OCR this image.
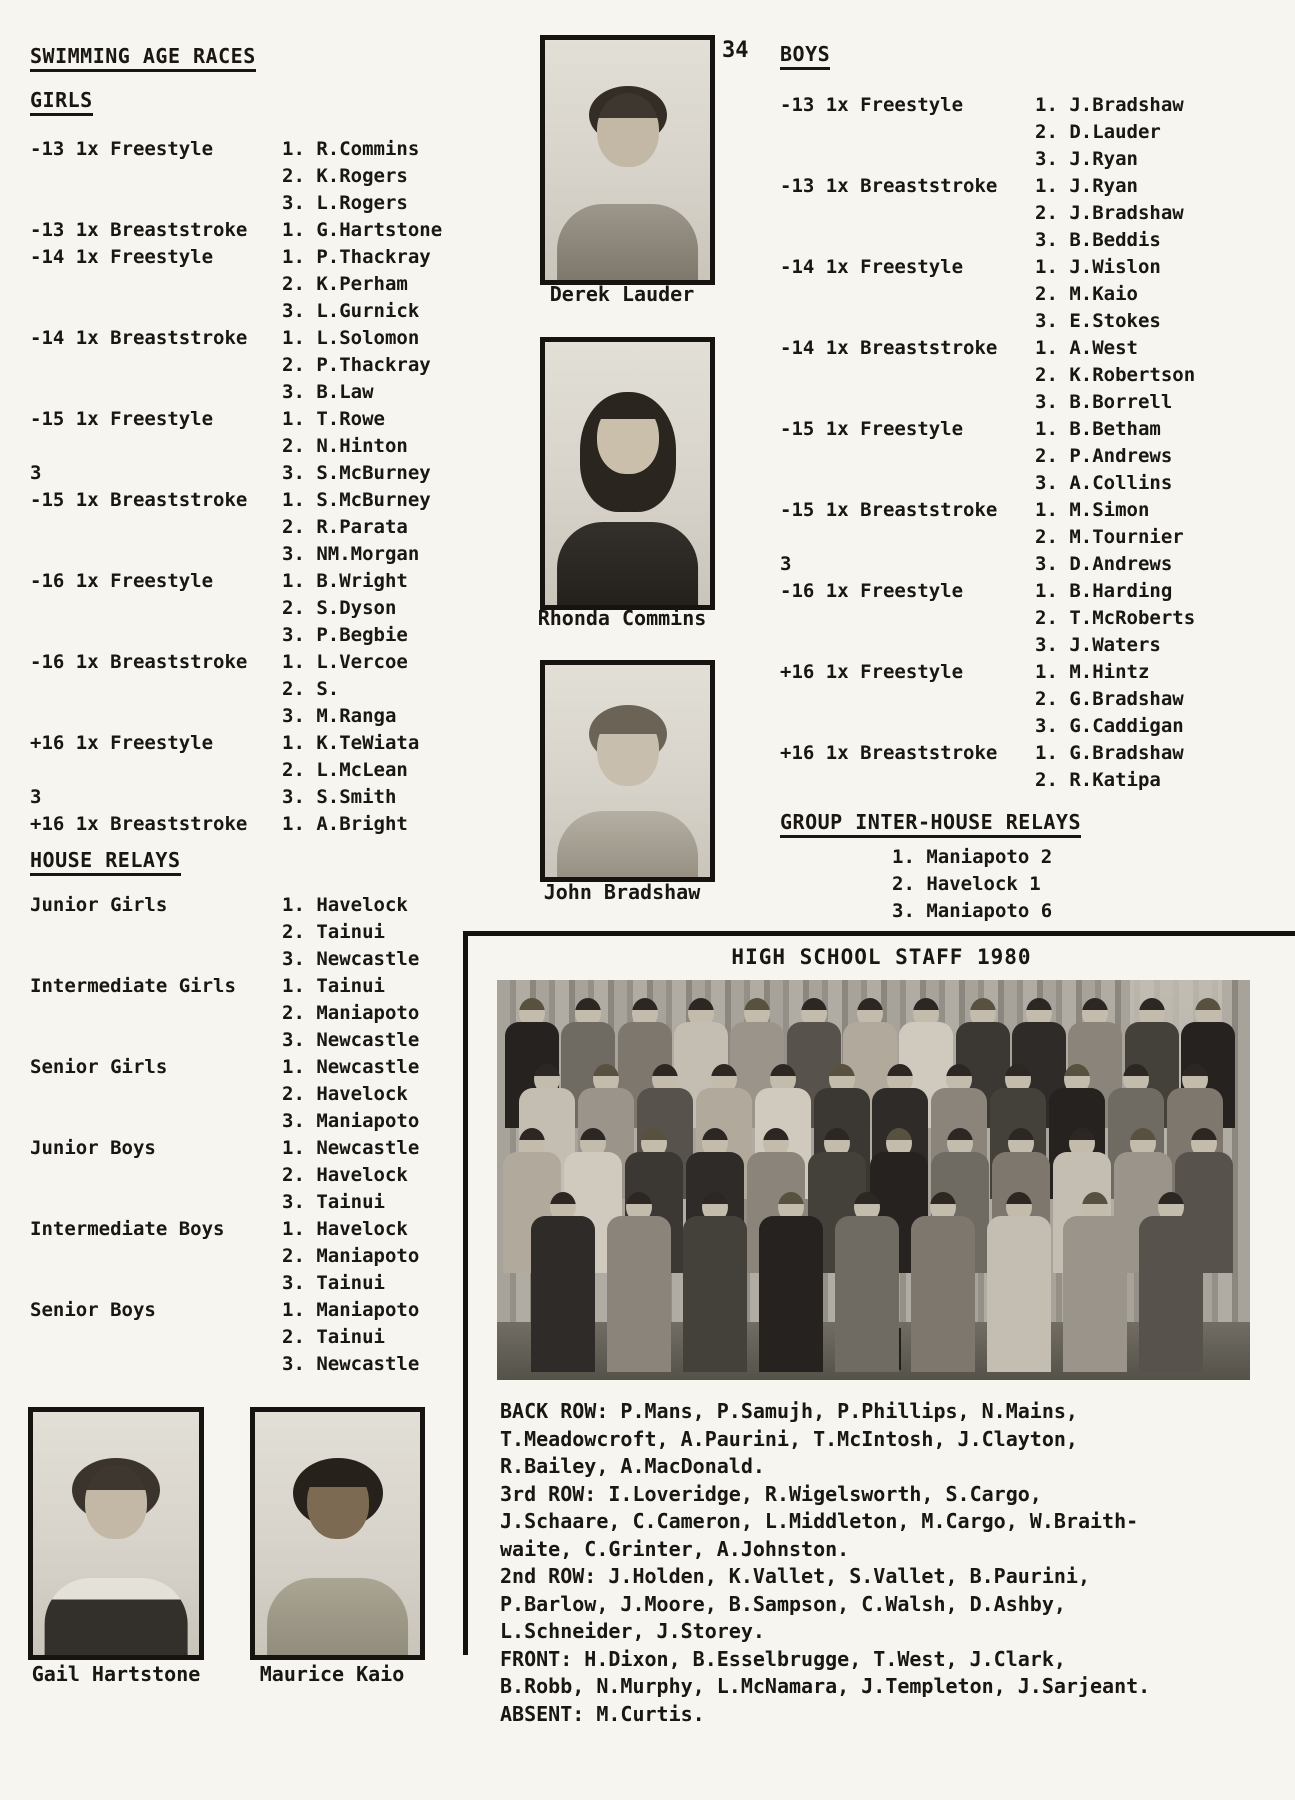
34
SWIMMING AGE RACES
GIRLS
-13 1x Freestyle	1. R.Commins
2. K.Rogers
3. L.Rogers
-13 1x Breaststroke	1. G.Hartstone
-14 1x Freestyle	1. P.Thackray
2. K.Perham
3. L.Gurnick
-14 1x Breaststroke	1. L.Solomon
2. P.Thackray
3. B.Law
-15 1x Freestyle	1. T.Rowe
2. N.Hinton
3	3. S.McBurney
-15 1x Breaststroke	1. S.McBurney
2. R.Parata
3. NM.Morgan
-16 1x Freestyle	1. B.Wright
2. S.Dyson
3. P.Begbie
-16 1x Breaststroke	1. L.Vercoe
2. S.
3. M.Ranga
+16 1x Freestyle	1. K.TeWiata
2. L.McLean
3	3. S.Smith
+16 1x Breaststroke	1. A.Bright
HOUSE RELAYS
Junior Girls	1. Havelock
2. Tainui
3. Newcastle
Intermediate Girls	1. Tainui
2. Maniapoto
3. Newcastle
Senior Girls	1. Newcastle
2. Havelock
3. Maniapoto
Junior Boys	1. Newcastle
2. Havelock
3. Tainui
Intermediate Boys	1. Havelock
2. Maniapoto
3. Tainui
Senior Boys	1. Maniapoto
2. Tainui
3. Newcastle
BOYS
-13 1x Freestyle	1. J.Bradshaw
2. D.Lauder
3. J.Ryan
-13 1x Breaststroke	1. J.Ryan
2. J.Bradshaw
3. B.Beddis
-14 1x Freestyle	1. J.Wislon
2. M.Kaio
3. E.Stokes
-14 1x Breaststroke	1. A.West
2. K.Robertson
3. B.Borrell
-15 1x Freestyle	1. B.Betham
2. P.Andrews
3. A.Collins
-15 1x Breaststroke	1. M.Simon
2. M.Tournier
3	3. D.Andrews
-16 1x Freestyle	1. B.Harding
2. T.McRoberts
3. J.Waters
+16 1x Freestyle	1. M.Hintz
2. G.Bradshaw
3. G.Caddigan
+16 1x Breaststroke	1. G.Bradshaw
2. R.Katipa
GROUP INTER-HOUSE RELAYS
1. Maniapoto 2
2. Havelock 1
3. Maniapoto 6
Derek Lauder
Rhonda Commins
John Bradshaw
Gail Hartstone	Maurice Kaio
HIGH SCHOOL STAFF 1980
BACK ROW: P.Mans, P.Samujh, P.Phillips, N.Mains,
T.Meadowcroft, A.Paurini, T.McIntosh, J.Clayton,
R.Bailey, A.MacDonald.
3rd ROW: I.Loveridge, R.Wigelsworth, S.Cargo,
J.Schaare, C.Cameron, L.Middleton, M.Cargo, W.Braith-
waite, C.Grinter, A.Johnston.
2nd ROW: J.Holden, K.Vallet, S.Vallet, B.Paurini,
P.Barlow, J.Moore, B.Sampson, C.Walsh, D.Ashby,
L.Schneider, J.Storey.
FRONT: H.Dixon, B.Esselbrugge, T.West, J.Clark,
B.Robb, N.Murphy, L.McNamara, J.Templeton, J.Sarjeant.
ABSENT: M.Curtis.
